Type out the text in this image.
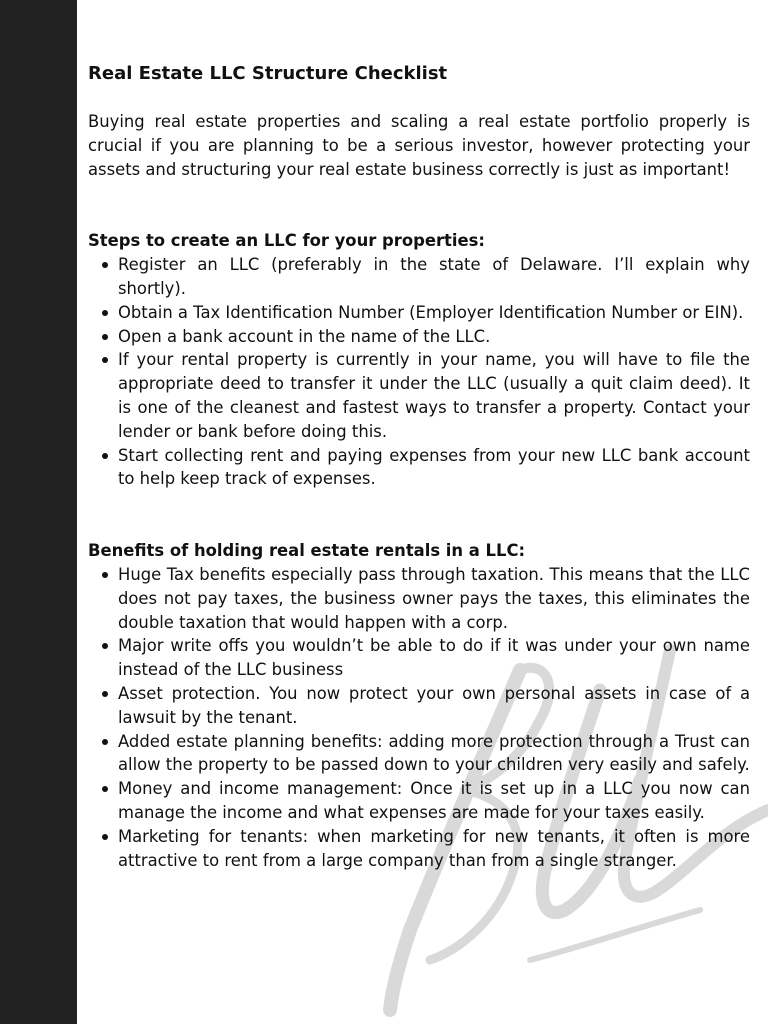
Real Estate LLC Structure Checklist

Buying real estate properties and scaling a real estate portfolio properly is crucial if you are planning to be a serious investor, however protecting your assets and structuring your real estate business correctly is just as important!

Steps to create an LLC for your properties:
Register an LLC (preferably in the state of Delaware. I’ll explain why shortly).
Obtain a Tax Identification Number (Employer Identification Number or EIN).
Open a bank account in the name of the LLC.
If your rental property is currently in your name, you will have to file the appropriate deed to transfer it under the LLC (usually a quit claim deed). It is one of the cleanest and fastest ways to transfer a property. Contact your lender or bank before doing this.
Start collecting rent and paying expenses from your new LLC bank account to help keep track of expenses.
Benefits of holding real estate rentals in a LLC:
Huge Tax benefits especially pass through taxation. This means that the LLC does not pay taxes, the business owner pays the taxes, this eliminates the double taxation that would happen with a corp.
Major write offs you wouldn’t be able to do if it was under your own name instead of the LLC business
Asset protection. You now protect your own personal assets in case of a lawsuit by the tenant.
Added estate planning benefits: adding more protection through a Trust can allow the property to be passed down to your children very easily and safely.
Money and income management: Once it is set up in a LLC you now can manage the income and what expenses are made for your taxes easily.
Marketing for tenants: when marketing for new tenants, it often is more attractive to rent from a large company than from a single stranger.
